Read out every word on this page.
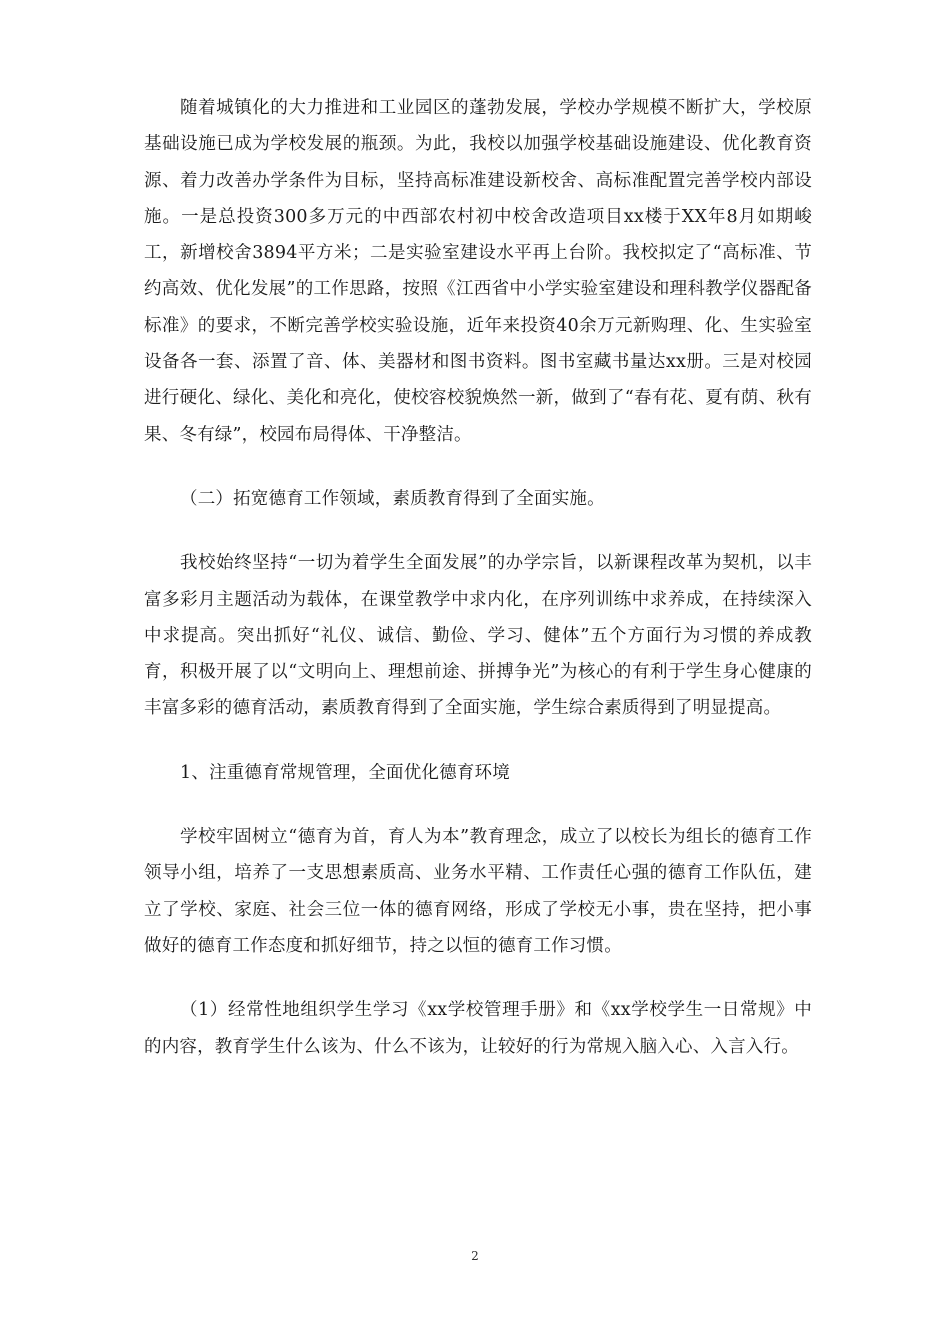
随着城镇化的大力推进和工业园区的蓬勃发展，学校办学规模不断扩大，学校原基础设施已成为学校发展的瓶颈。为此，我校以加强学校基础设施建设、优化教育资源、着力改善办学条件为目标，坚持高标准建设新校舍、高标准配置完善学校内部设施。一是总投资300多万元的中西部农村初中校舍改造项目xx楼于XX年8月如期峻工，新增校舍3894平方米；二是实验室建设水平再上台阶。我校拟定了“高标准、节约高效、优化发展”的工作思路，按照《江西省中小学实验室建设和理科教学仪器配备标准》的要求，不断完善学校实验设施，近年来投资40余万元新购理、化、生实验室设备各一套、添置了音、体、美器材和图书资料。图书室藏书量达xx册。三是对校园进行硬化、绿化、美化和亮化，使校容校貌焕然一新，做到了“春有花、夏有荫、秋有果、冬有绿”，校园布局得体、干净整洁。

（二）拓宽德育工作领域，素质教育得到了全面实施。

我校始终坚持“一切为着学生全面发展”的办学宗旨，以新课程改革为契机，以丰富多彩月主题活动为载体，在课堂教学中求内化，在序列训练中求养成，在持续深入中求提高。突出抓好“礼仪、诚信、勤俭、学习、健体”五个方面行为习惯的养成教育，积极开展了以“文明向上、理想前途、拼搏争光”为核心的有利于学生身心健康的丰富多彩的德育活动，素质教育得到了全面实施，学生综合素质得到了明显提高。

1、注重德育常规管理，全面优化德育环境

学校牢固树立“德育为首，育人为本”教育理念，成立了以校长为组长的德育工作领导小组，培养了一支思想素质高、业务水平精、工作责任心强的德育工作队伍，建立了学校、家庭、社会三位一体的德育网络，形成了学校无小事，贵在坚持，把小事做好的德育工作态度和抓好细节，持之以恒的德育工作习惯。

（1）经常性地组织学生学习《xx学校管理手册》和《xx学校学生一日常规》中的内容，教育学生什么该为、什么不该为，让较好的行为常规入脑入心、入言入行。

2
